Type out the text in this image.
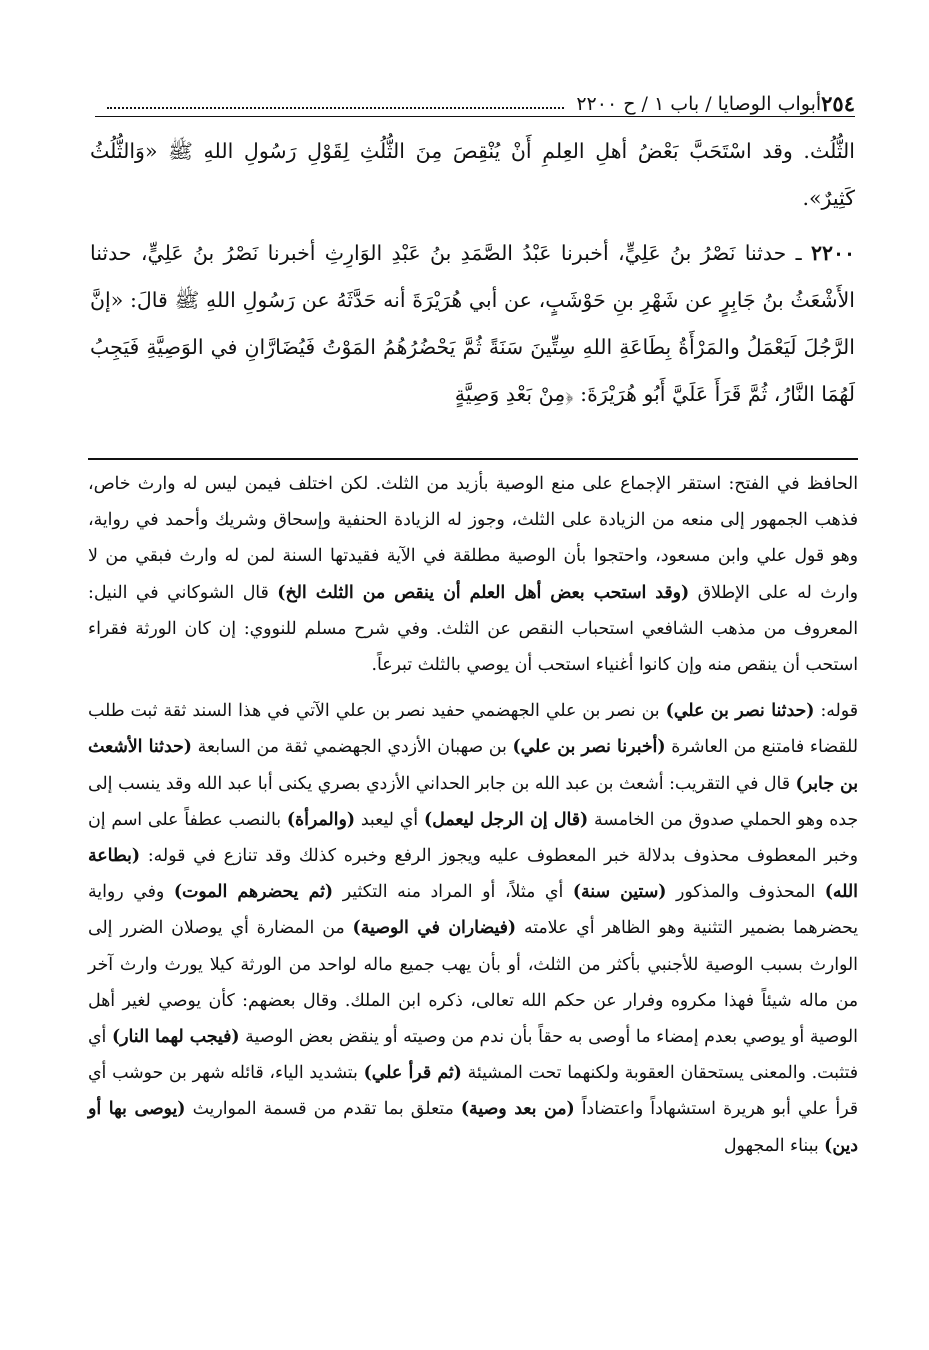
٢٥٤
أبواب الوصايا / باب ١ / ح ٢٢٠٠

الثُّلُث. وقد اسْتَحَبَّ بَعْضُ أهلِ العِلمِ أَنْ يُنْقِصَ مِنَ الثُّلُثِ لِقَوْلِ رَسُولِ اللهِ ﷺ «وَالثُّلُثُ كَثِيرٌ».

٢٢٠٠ ـ حدثنا نَصْرُ بنُ عَلِيٍّ، أخبرنا عَبْدُ الصَّمَدِ بنُ عَبْدِ الوَارِثِ أخبرنا نَصْرُ بنُ عَلِيٍّ، حدثنا الأَشْعَثُ بنُ جَابِرٍ عن شَهْرِ بنِ حَوْشَبٍ، عن أبي هُرَيْرَةَ أنه حَدَّثَهُ عن رَسُولِ اللهِ ﷺ قالَ: «إنَّ الرَّجُلَ لَيَعْمَلُ والمَرْأَةُ بِطَاعَةِ اللهِ سِتِّينَ سَنَةً ثُمَّ يَحْضُرُهُمُ المَوْتُ فَيُضَارَّانِ في الوَصِيَّةِ فَيَجِبُ لَهُمَا النَّارُ، ثُمَّ قَرَأَ عَلَيَّ أَبُو هُرَيْرَةَ: ﴿مِنْ بَعْدِ وَصِيَّةٍ

الحافظ في الفتح: استقر الإجماع على منع الوصية بأزيد من الثلث. لكن اختلف فيمن ليس له وارث خاص، فذهب الجمهور إلى منعه من الزيادة على الثلث، وجوز له الزيادة الحنفية وإسحاق وشريك وأحمد في رواية، وهو قول علي وابن مسعود، واحتجوا بأن الوصية مطلقة في الآية فقيدتها السنة لمن له وارث فبقي من لا وارث له على الإطلاق (وقد استحب بعض أهل العلم أن ينقص من الثلث الخ) قال الشوكاني في النيل: المعروف من مذهب الشافعي استحباب النقص عن الثلث. وفي شرح مسلم للنووي: إن كان الورثة فقراء استحب أن ينقص منه وإن كانوا أغنياء استحب أن يوصي بالثلث تبرعاً.

قوله: (حدثنا نصر بن علي) بن نصر بن علي الجهضمي حفيد نصر بن علي الآتي في هذا السند ثقة ثبت طلب للقضاء فامتنع من العاشرة (أخبرنا نصر بن علي) بن صهبان الأزدي الجهضمي ثقة من السابعة (حدثنا الأشعث بن جابر) قال في التقريب: أشعث بن عبد الله بن جابر الحداني الأزدي بصري يكنى أبا عبد الله وقد ينسب إلى جده وهو الحملي صدوق من الخامسة (قال إن الرجل ليعمل) أي ليعبد (والمرأة) بالنصب عطفاً على اسم إن وخبر المعطوف محذوف بدلالة خبر المعطوف عليه ويجوز الرفع وخبره كذلك وقد تنازع في قوله: (بطاعة الله) المحذوف والمذكور (ستين سنة) أي مثلاً، أو المراد منه التكثير (ثم يحضرهم الموت) وفي رواية يحضرهما بضمير التثنية وهو الظاهر أي علامته (فيضاران في الوصية) من المضارة أي يوصلان الضرر إلى الوارث بسبب الوصية للأجنبي بأكثر من الثلث، أو بأن يهب جميع ماله لواحد من الورثة كيلا يورث وارث آخر من ماله شيئاً فهذا مكروه وفرار عن حكم الله تعالى، ذكره ابن الملك. وقال بعضهم: كأن يوصي لغير أهل الوصية أو يوصي بعدم إمضاء ما أوصى به حقاً بأن ندم من وصيته أو ينقض بعض الوصية (فيجب لهما النار) أي فتثبت. والمعنى يستحقان العقوبة ولكنهما تحت المشيئة (ثم قرأ علي) بتشديد الياء، قائله شهر بن حوشب أي قرأ علي أبو هريرة استشهاداً واعتضاداً (من بعد وصية) متعلق بما تقدم من قسمة المواريث (يوصى بها أو دين) ببناء المجهول
